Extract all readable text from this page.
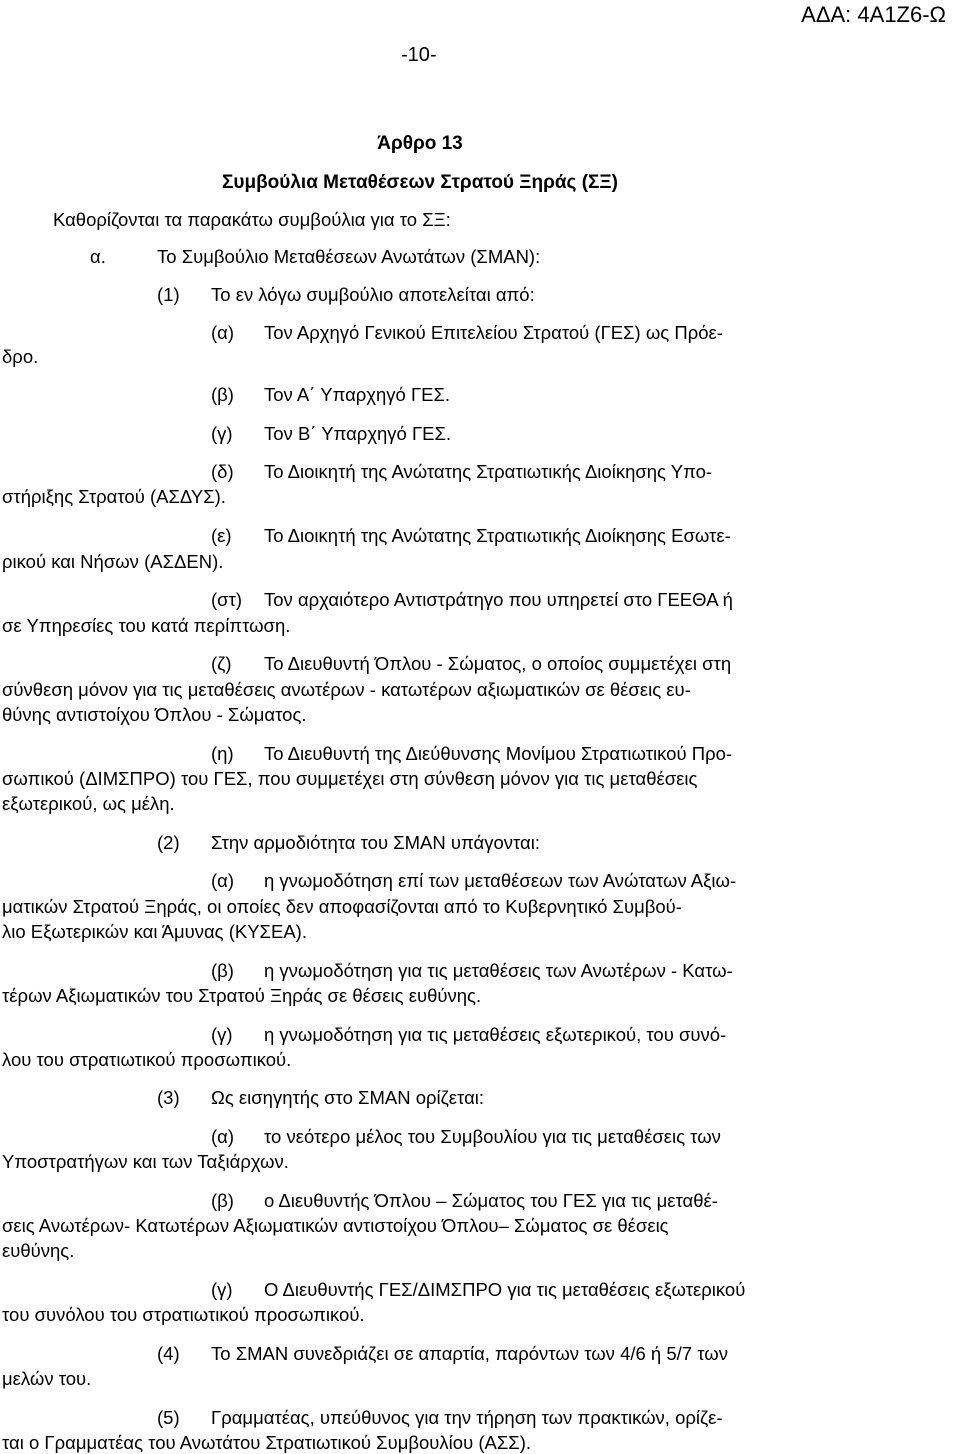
ΑΔΑ: 4Α1Ζ6-Ω
-10-
Άρθρο 13
Συμβούλια Μεταθέσεων Στρατού Ξηράς (ΣΞ)
Καθορίζονται τα παρακάτω συμβούλια για το ΣΞ:
α.	Το Συμβούλιο Μεταθέσεων Ανωτάτων (ΣΜΑΝ):
(1) Το εν λόγω συμβούλιο αποτελείται από:
(α) Τον Αρχηγό Γενικού Επιτελείου Στρατού (ΓΕΣ) ως Πρόε-
δρο.
(β) Τον Α΄ Υπαρχηγό ΓΕΣ.
(γ) Τον Β΄ Υπαρχηγό ΓΕΣ.
(δ) Το Διοικητή της Ανώτατης Στρατιωτικής Διοίκησης Υπο-
στήριξης Στρατού (ΑΣΔΥΣ).
(ε) Το Διοικητή της Ανώτατης Στρατιωτικής Διοίκησης Εσωτε-
ρικού και Νήσων (ΑΣΔΕΝ).
(στ) Τον αρχαιότερο Αντιστράτηγο που υπηρετεί στο ΓΕΕΘΑ ή
σε Υπηρεσίες του κατά περίπτωση.
(ζ) Το Διευθυντή Όπλου - Σώματος, ο οποίος συμμετέχει στη
σύνθεση μόνον για τις μεταθέσεις ανωτέρων - κατωτέρων αξιωματικών σε θέσεις ευ-
θύνης αντιστοίχου Όπλου - Σώματος.
(η) Το Διευθυντή της Διεύθυνσης Μονίμου Στρατιωτικού Προ-
σωπικού (ΔΙΜΣΠΡΟ) του ΓΕΣ, που συμμετέχει στη σύνθεση μόνον για τις μεταθέσεις
εξωτερικού, ως μέλη.
(2) Στην αρμοδιότητα του ΣΜΑΝ υπάγονται:
(α) η γνωμοδότηση επί των μεταθέσεων των Ανώτατων Αξιω-
ματικών Στρατού Ξηράς, οι οποίες δεν αποφασίζονται από το Κυβερνητικό Συμβού-
λιο Εξωτερικών και Άμυνας (ΚΥΣΕΑ).
(β) η γνωμοδότηση για τις μεταθέσεις των Ανωτέρων - Κατω-
τέρων Αξιωματικών του Στρατού Ξηράς σε θέσεις ευθύνης.
(γ) η γνωμοδότηση για τις μεταθέσεις εξωτερικού, του συνό-
λου του στρατιωτικού προσωπικού.
(3) Ως εισηγητής στο ΣΜΑΝ ορίζεται:
(α) το νεότερο μέλος του Συμβουλίου για τις μεταθέσεις των
Υποστρατήγων και των Ταξιάρχων.
(β) ο Διευθυντής Όπλου – Σώματος του ΓΕΣ για τις μεταθέ-
σεις Ανωτέρων- Κατωτέρων Αξιωματικών αντιστοίχου Όπλου– Σώματος σε θέσεις
ευθύνης.
(γ) Ο Διευθυντής ΓΕΣ/ΔΙΜΣΠΡΟ για τις μεταθέσεις εξωτερικού
του συνόλου του στρατιωτικού προσωπικού.
(4) Το ΣΜΑΝ συνεδριάζει σε απαρτία, παρόντων των 4/6 ή 5/7 των
μελών του.
(5) Γραμματέας, υπεύθυνος για την τήρηση των πρακτικών, ορίζε-
ται ο Γραμματέας του Ανωτάτου Στρατιωτικού Συμβουλίου (ΑΣΣ).
